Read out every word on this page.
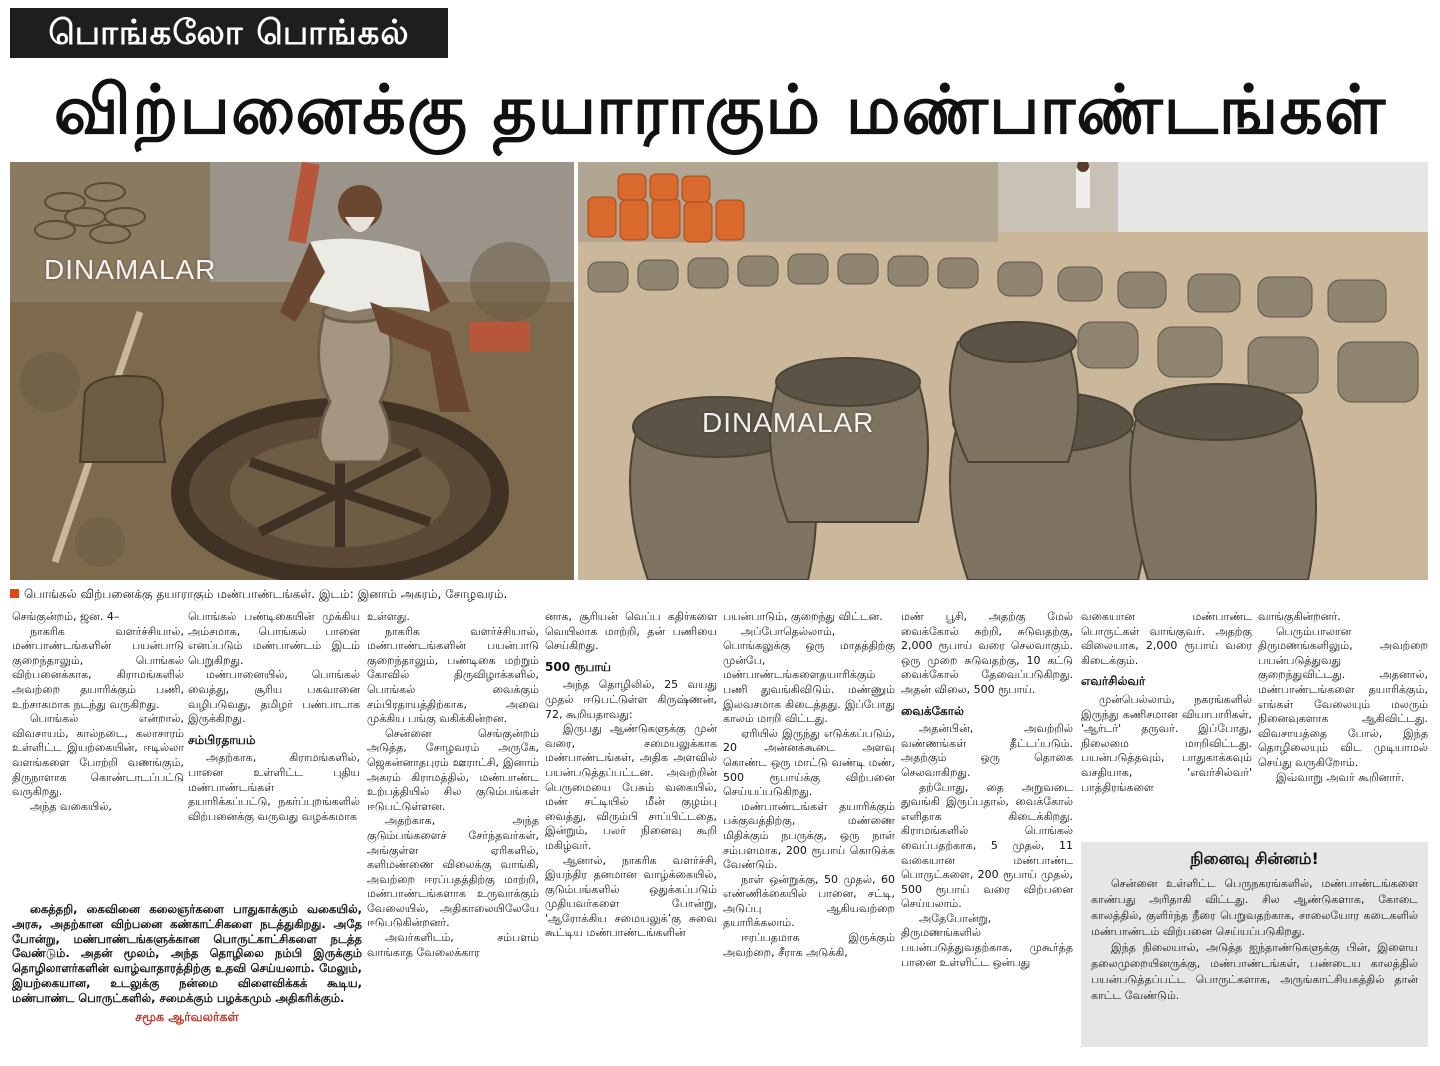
பொங்கலோ பொங்கல்
விற்பனைக்கு தயாராகும் மண்பாண்டங்கள்
DINAMALAR
DINAMALAR
பொங்கல் விற்பனைக்கு தயாராகும் மண்பாண்டங்கள். இடம்: இனாம் அகரம், சோழவரம்.

செங்குன்றம், ஜன. 4–

நாகரிக வளர்ச்சியால், மண்பாண்டங்களின் பயன்பாடு குறைந்தாலும், பொங்கல் விற்பனைக்காக, கிராமங்களில் அவற்றை தயாரிக்கும் பணி, உற்சாகமாக நடந்து வருகிறது.

பொங்கல் என்றால், விவசாயம், கால்நடை, கலாசாரம் உள்ளிட்ட இயற்கையின், ஈடில்லா வளங்களை போற்றி வணங்கும், திருநாளாக கொண்டாடப்பட்டு வருகிறது.

அந்த வகையில்,

பொங்கல் பண்டிகையின் முக்கிய அம்சமாக, பொங்கல் பானை எனப்படும் மண்பாண்டம் இடம் பெறுகிறது.

மண்பானையில், பொங்கல் வைத்து, சூரிய பகவானை வழிபடுவது, தமிழர் பண்பாடாக இருக்கிறது.

சம்பிரதாயம்

அதற்காக, கிராமங்களில், பானை உள்ளிட்ட புதிய மண்பாண்டங்கள் தயாரிக்கப்பட்டு, நகர்ப்புறங்களில் விற்பனைக்கு வருவது வழக்கமாக

உள்ளது.

நாகரிக வளர்ச்சியால், மண்பாண்டங்களின் பயன்பாடு குறைந்தாலும், பண்டிகை மற்றும் கோவில் திருவிழாக்களில், பொங்கல் வைக்கும் சம்பிரதாயத்திற்காக, அவை முக்கிய பங்கு வகிக்கின்றன.

சென்னை செங்குன்றம் அடுத்த, சோழவரம் அருகே, ஜெகன்னாதபுரம் ஊராட்சி, இனாம் அகரம் கிராமத்தில், மண்பாண்ட உற்பத்தியில் சில குடும்பங்கள் ஈடுபட்டுள்ளன.

அதற்காக, அந்த குடும்பங்களைச் சேர்ந்தவர்கள், அங்குள்ள ஏரிகளில், களிமண்ணை விலைக்கு வாங்கி, அவற்றை ஈரப்பதத்திற்கு மாற்றி, மண்பாண்டங்களாக உருவாக்கும் வேலையில், அதிகாலையிலேயே ஈடுபடுகின்றனர்.

அவர்களிடம், சம்பளம் வாங்காத வேலைக்கார

னாக, சூரியன் வெப்ப கதிர்களை வெயிலாக மாற்றி, தன் பணியை செய்கிறது.

500 ரூபாய்

அந்த தொழிலில், 25 வயது முதல் ஈடுபட்டுள்ள கிருஷ்ணன், 72, கூறியதாவது:

இருபது ஆண்டுகளுக்கு முன் வரை, சமையலுக்காக மண்பாண்டங்கள், அதிக அளவில் பயன்படுத்தப்பட்டன. அவற்றின் பெருமையை பேசும் வகையில், மண் சட்டியில் மீன் குழம்பு வைத்து, விரும்பி சாப்பிட்டதை, இன்றும், பலர் நினைவு கூறி மகிழ்வர்.

ஆனால், நாகரிக வளர்ச்சி, இயந்திர தனமான வாழ்க்கையில், குடும்பங்களில் ஒதுக்கப்படும் முதியவர்களை போன்று, 'ஆரோக்கிய சமையலுக்’கு சுவை கூட்டிய மண்பாண்டங்களின்

பயன்பாடும், குறைந்து விட்டன.

அப்போதெல்லாம், பொங்கலுக்கு ஒரு மாதத்திற்கு முன்பே, மண்பாண்டங்களைதயாரிக்கும் பணி துவங்கிவிடும். மண்ணும் இலவசமாக கிடைத்தது. இப்போது காலம் மாறி விட்டது.

ஏரியில் இருந்து எடுக்கப்படும், 20 அன்னக்கூடை அளவு கொண்ட ஒரு மாட்டு வண்டி மண், 500 ரூபாய்க்கு விற்பனை செய்யப்படுகிறது.

மண்பாண்டங்கள் தயாரிக்கும் பக்குவத்திற்கு, மண்ணை மிதிக்கும் நபருக்கு, ஒரு நாள் சம்பளமாக, 200 ரூபாய் கொடுக்க வேண்டும்.

நாள் ஒன்றுக்கு, 50 முதல், 60 எண்ணிக்கையில் பானை, சட்டி, அடுப்பு ஆகியவற்றை தயாரிக்கலாம்.

ஈரப்பதமாக இருக்கும் அவற்றை, சீராக அடுக்கி,

மண் பூசி, அதற்கு மேல் வைக்கோல் சுற்றி, சுடுவதற்கு, 2,000 ரூபாய் வரை செலவாகும். ஒரு முறை சுடுவதற்கு, 10 கட்டு வைக்கோல் தேவைப்படுகிறது. அதன் விலை, 500 ரூபாய்.

வைக்கோல்

அதன்பின், அவற்றில் வண்ணங்கள் தீட்டப்படும். அதற்கும் ஒரு தொகை செலவாகிறது.

தற்போது, தை அறுவடை துவங்கி இருப்பதால், வைக்கோல் எளிதாக கிடைக்கிறது. கிராமங்களில் பொங்கல் வைப்பதற்காக, 5 முதல், 11 வகையான மண்பாண்ட பொருட்களை, 200 ரூபாய் முதல், 500 ரூபாய் வரை விற்பனை செய்யலாம்.

அதேபோன்று, திருமணங்களில் பயன்படுத்துவதற்காக, முகூர்த்த பானை உள்ளிட்ட ஒன்பது

வகையான மண்பாண்ட பொருட்கள் வாங்குவர். அதற்கு விலையாக, 2,000 ரூபாய் வரை கிடைக்கும்.

எவர்சில்வர்

முன்பெல்லாம், நகரங்களில் இருந்து கணிசமான வியாபாரிகள், 'ஆர்டர்' தருவர். இப்போது, நிலைமை மாறிவிட்டது. பயன்படுத்தவும், பாதுகாக்கவும் வசதியாக, 'எவர்சில்வர்' பாத்திரங்களை

வாங்குகின்றனர்.

பெரும்பாலான திருமணங்களிலும், அவற்றை பயன்படுத்துவது குறைந்துவிட்டது. அதனால், மண்பாண்டங்களை தயாரிக்கும், எங்கள் வேலையும் மலரும் நினைவுகளாக ஆகிவிட்டது. விவசாயத்தை போல், இந்த தொழிலையும் விட முடியாமல் செய்து வருகிறோம்.

இவ்வாறு அவர் கூறினார்.

கைத்தறி, கைவினை கலைஞர்களை பாதுகாக்கும் வகையில், அரசு, அதற்கான விற்பனை கண்காட்சிகளை நடத்துகிறது. அதே போன்று, மண்பாண்டங்களுக்கான பொருட்காட்சிகளை நடத்த வேண்டும். அதன் மூலம், அந்த தொழிலை நம்பி இருக்கும் தொழிலாளர்களின் வாழ்வாதாரத்திற்கு உதவி செய்யலாம். மேலும், இயற்கையான, உடலுக்கு நன்மை விளைவிக்கக் கூடிய, மண்பாண்ட பொருட்களில், சமைக்கும் பழக்கமும் அதிகரிக்கும்.

சமூக ஆர்வலர்கள்
நினைவு சின்னம்!

சென்னை உள்ளிட்ட பெருநகரங்களில், மண்பாண்டங்களை காண்பது அரிதாகி விட்டது. சில ஆண்டுகளாக, கோடை காலத்தில், குளிர்ந்த நீரை பெறுவதற்காக, சாலையோர கடைகளில் மண்பாண்டம் விற்பனை செய்யப்படுகிறது.

இந்த நிலையால், அடுத்த ஐந்தாண்டுகளுக்கு பின், இளைய தலைமுறையினருக்கு, மண்பாண்டங்கள், பண்டைய காலத்தில் பயன்படுத்தப்பட்ட பொருட்களாக, அருங்காட்சியகத்தில் தான் காட்ட வேண்டும்.
